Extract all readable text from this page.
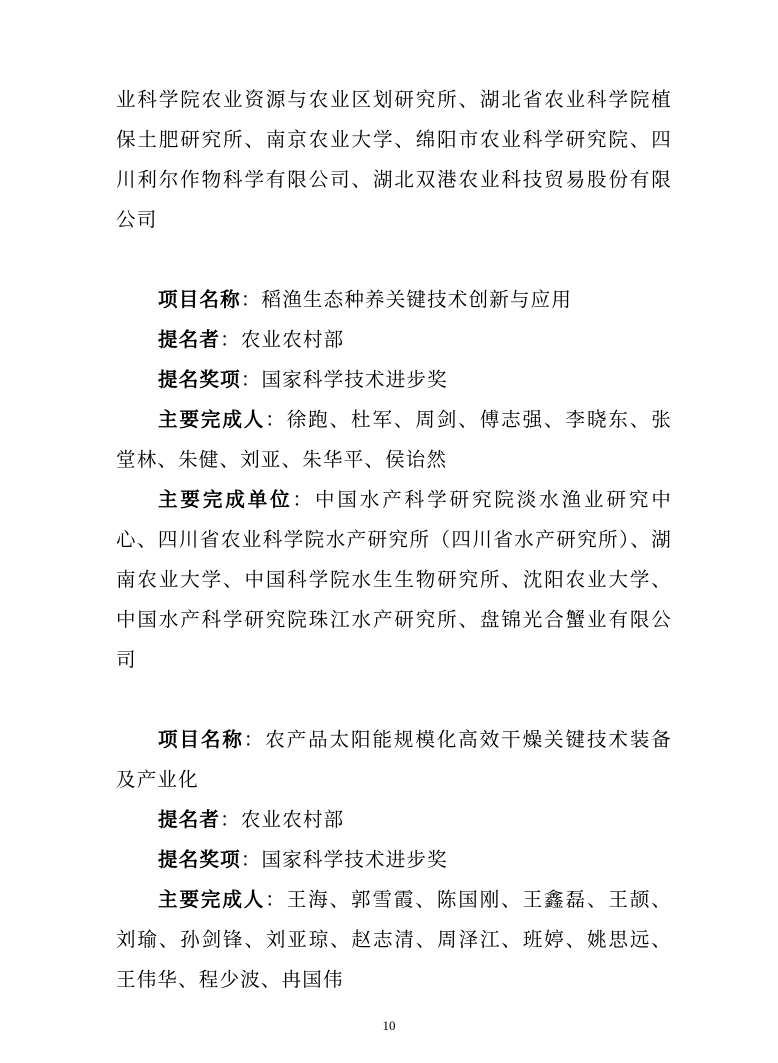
业科学院农业资源与农业区划研究所、湖北省农业科学院植保土肥研究所、南京农业大学、绵阳市农业科学研究院、四川利尔作物科学有限公司、湖北双港农业科技贸易股份有限公司

项目名称：稻渔生态种养关键技术创新与应用

提名者：农业农村部

提名奖项：国家科学技术进步奖

主要完成人：徐跑、杜军、周剑、傅志强、李晓东、张堂林、朱健、刘亚、朱华平、侯诒然

主要完成单位：中国水产科学研究院淡水渔业研究中心、四川省农业科学院水产研究所（四川省水产研究所）、湖南农业大学、中国科学院水生生物研究所、沈阳农业大学、中国水产科学研究院珠江水产研究所、盘锦光合蟹业有限公司

项目名称：农产品太阳能规模化高效干燥关键技术装备及产业化

提名者：农业农村部

提名奖项：国家科学技术进步奖

主要完成人：王海、郭雪霞、陈国刚、王鑫磊、王颉、刘瑜、孙剑锋、刘亚琼、赵志清、周泽江、班婷、姚思远、王伟华、程少波、冉国伟

10
